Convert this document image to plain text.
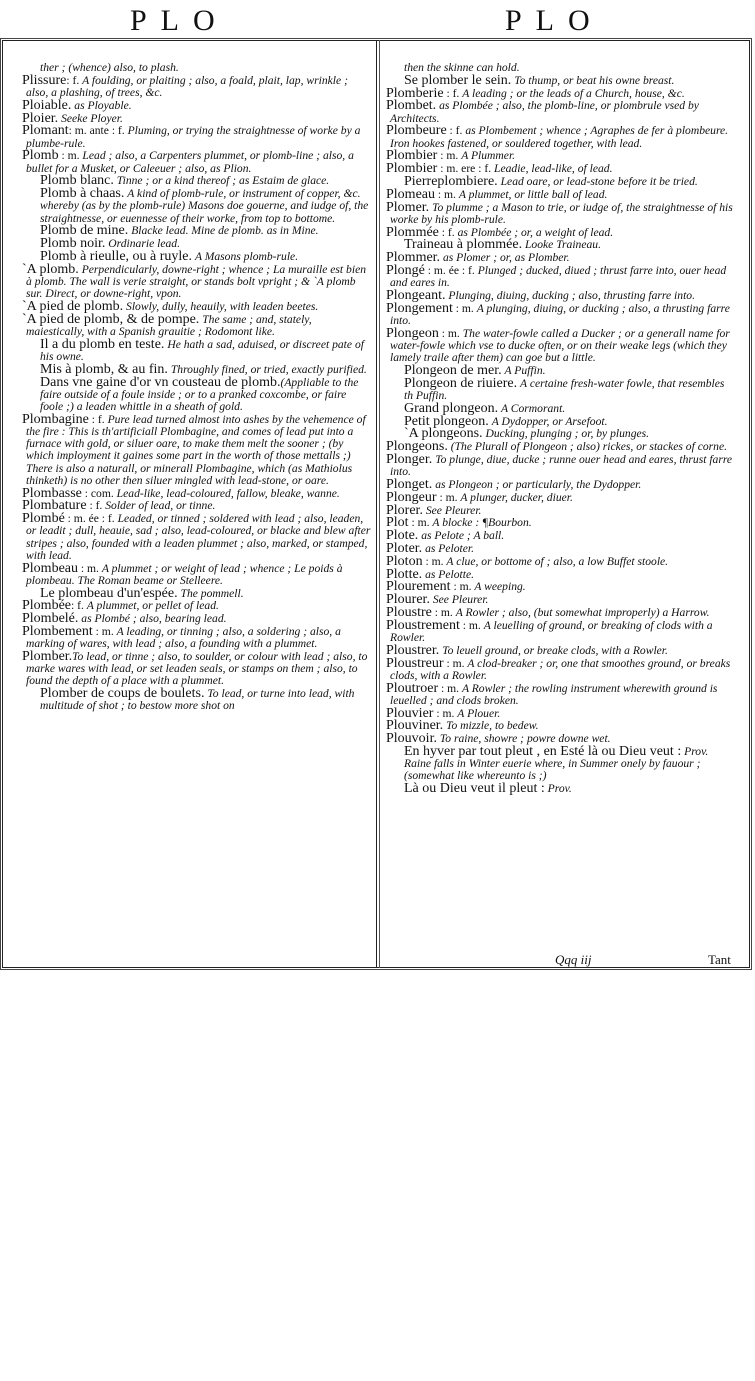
PLO	PLO
ther ; (whence) also, to plash.
Plissure: f. A foulding, or plaiting ; also, a foald, plait, lap, wrinkle ; also, a plashing, of trees, &c.
Ploiable. as Ployable.
Ploier. Seeke Ployer.
Plomant: m. ante : f. Pluming, or trying the straightnesse of worke by a plumbe-rule.
Plomb : m. Lead ; also, a Carpenters plummet, or plomb-line ; also, a bullet for a Musket, or Caleeuer ; also, as Plion.
Plomb blanc. Tinne ; or a kind thereof ; as Estaim de glace.
Plomb à chaas. A kind of plomb-rule, or instrument of copper, &c. whereby (as by the plomb-rule) Masons doe gouerne, and iudge of, the straightnesse, or euennesse of their worke, from top to bottome.
Plomb de mine. Blacke lead. Mine de plomb. as in Mine.
Plomb noir. Ordinarie lead.
Plomb à rieulle, ou à ruyle. A Masons plomb-rule.
`A plomb. Perpendicularly, downe-right ; whence ; La muraille est bien à plomb. The wall is verie straight, or stands bolt vpright ; & `A plomb sur. Direct, or downe-right, vpon.
`A pied de plomb. Slowly, dully, heauily, with leaden beetes.
`A pied de plomb, & de pompe. The same ; and, stately, maiestically, with a Spanish grauitie ; Rodomont like.
Il a du plomb en teste. He hath a sad, aduised, or discreet pate of his owne.
Mis à plomb, & au fin. Throughly fined, or tried, exactly purified.
Dans vne gaine d'or vn cousteau de plomb.(Appliable to the faire outside of a foule inside ; or to a pranked coxcombe, or faire foole ;) a leaden whittle in a sheath of gold.
Plombagine : f. Pure lead turned almost into ashes by the vehemence of the fire : This is th'artificiall Plombagine, and comes of lead put into a furnace with gold, or siluer oare, to make them melt the sooner ; (by which imployment it gaines some part in the worth of those mettalls ;) There is also a naturall, or minerall Plombagine, which (as Mathiolus thinketh) is no other then siluer mingled with lead-stone, or oare.
Plombasse : com. Lead-like, lead-coloured, fallow, bleake, wanne.
Plombature : f. Solder of lead, or tinne.
Plombé : m. ée : f. Leaded, or tinned ; soldered with lead ; also, leaden, or leadit ; dull, heauie, sad ; also, lead-coloured, or blacke and blew after stripes ; also, founded with a leaden plummet ; also, marked, or stamped, with lead.
Plombeau : m. A plummet ; or weight of lead ; whence ; Le poids à plombeau. The Roman beame or Stelleere.
Le plombeau d'un'espée. The pommell.
Plombée: f. A plummet, or pellet of lead.
Plombelé. as Plombé ; also, bearing lead.
Plombement : m. A leading, or tinning ; also, a soldering ; also, a marking of wares, with lead ; also, a founding with a plummet.
Plomber.To lead, or tinne ; also, to soulder, or colour with lead ; also, to marke wares with lead, or set leaden seals, or stamps on them ; also, to found the depth of a place with a plummet.
Plomber de coups de boulets. To lead, or turne into lead, with multitude of shot ; to bestow more shot on
then the skinne can hold.
Se plomber le sein. To thump, or beat his owne breast.
Plomberie : f. A leading ; or the leads of a Church, house, &c.
Plombet. as Plombée ; also, the plomb-line, or plombrule vsed by Architects.
Plombeure : f. as Plombement ; whence ; Agraphes de fer à plombeure. Iron hookes fastened, or souldered together, with lead.
Plombier : m. A Plummer.
Plombier : m. ere : f. Leadie, lead-like, of lead.
Pierreplombiere. Lead oare, or lead-stone before it be tried.
Plomeau : m. A plummet, or little ball of lead.
Plomer. To plumme ; a Mason to trie, or iudge of, the straightnesse of his worke by his plomb-rule.
Plommée : f. as Plombée ; or, a weight of lead.
Traineau à plommée. Looke Traineau.
Plommer. as Plomer ; or, as Plomber.
Plongé : m. ée : f. Plunged ; ducked, diued ; thrust farre into, ouer head and eares in.
Plongeant. Plunging, diuing, ducking ; also, thrusting farre into.
Plongement : m. A plunging, diuing, or ducking ; also, a thrusting farre into.
Plongeon : m. The water-fowle called a Ducker ; or a generall name for water-fowle which vse to ducke often, or on their weake legs (which they lamely traile after them) can goe but a little.
Plongeon de mer. A Puffin.
Plongeon de riuiere. A certaine fresh-water fowle, that resembles th Puffin.
Grand plongeon. A Cormorant.
Petit plongeon. A Dydopper, or Arsefoot.
`A plongeons. Ducking, plunging ; or, by plunges.
Plongeons. (The Plurall of Plongeon ; also) rickes, or stackes of corne.
Plonger. To plunge, diue, ducke ; runne ouer head and eares, thrust farre into.
Plonget. as Plongeon ; or particularly, the Dydopper.
Plongeur : m. A plunger, ducker, diuer.
Plorer. See Pleurer.
Plot : m. A blocke : ¶Bourbon.
Plote. as Pelote ; A ball.
Ploter. as Peloter.
Ploton : m. A clue, or bottome of ; also, a low Buffet stoole.
Plotte. as Pelotte.
Plourement : m. A weeping.
Plourer. See Pleurer.
Ploustre : m. A Rowler ; also, (but somewhat improperly) a Harrow.
Ploustrement : m. A leuelling of ground, or breaking of clods with a Rowler.
Ploustrer. To leuell ground, or breake clods, with a Rowler.
Ploustreur : m. A clod-breaker ; or, one that smoothes ground, or breaks clods, with a Rowler.
Ploutroer : m. A Rowler ; the rowling instrument wherewith ground is leuelled ; and clods broken.
Plouvier : m. A Plouer.
Plouviner. To mizzle, to bedew.
Plouvoir. To raine, showre ; powre downe wet.
En hyver par tout pleut , en Esté là ou Dieu veut : Prov. Raine falls in Winter euerie where, in Summer onely by fauour ; (somewhat like whereunto is ;)
Là ou Dieu veut il pleut : Prov.
Qqq iij	Tant
